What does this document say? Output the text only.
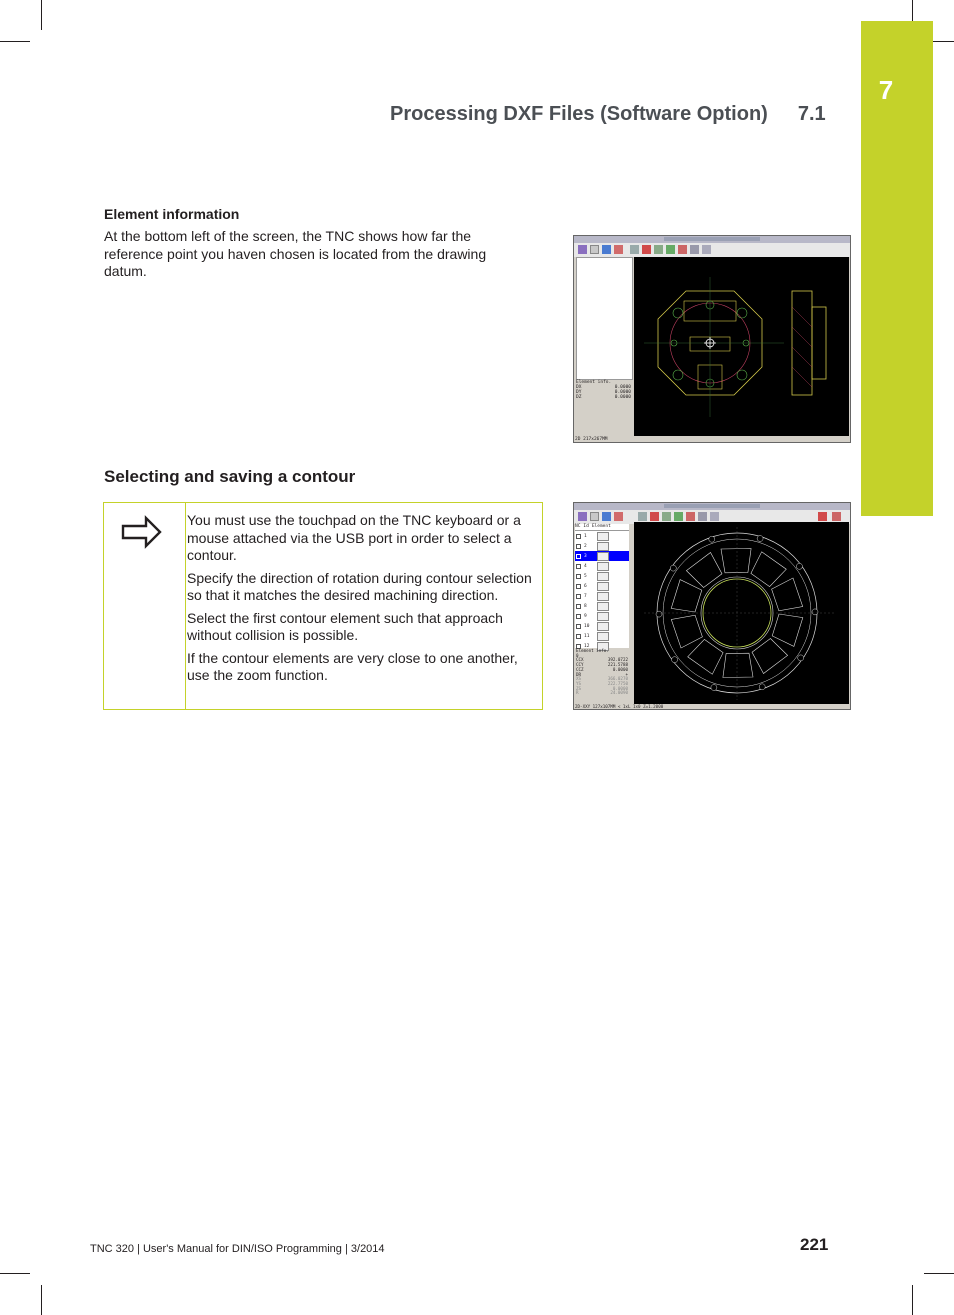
7
Processing DXF Files (Software Option) 7.1
Element information
At the bottom left of the screen, the TNC shows how far the reference point you haven chosen is located from the drawing datum.
Element info.
DX	0.0000
DY	0.0000
DZ	0.0000
2D 217x267MM
Selecting and saving a contour

You must use the touchpad on the TNC keyboard or a mouse attached via the USB port in order to select a contour.

Specify the direction of rotation during contour selection so that it matches the desired machining direction.

Select the first contour element such that approach without collision is possible.

If the contour elements are very close to one another, use the zoom function.

NC Id Element
1
2
3
4
5
6
7
8
9
10
11
12
Element info.
0
CCX	392.0722
CCY	221.5788
CCZ	0.0000
DR	+
XS	366.0270
YS	222.7750
ZS	0.0000
R	24.0090
2D-XXY 127x107MM < 1xL 1x0 Z=1.2000
TNC 320 | User's Manual for DIN/ISO Programming | 3/2014	221
